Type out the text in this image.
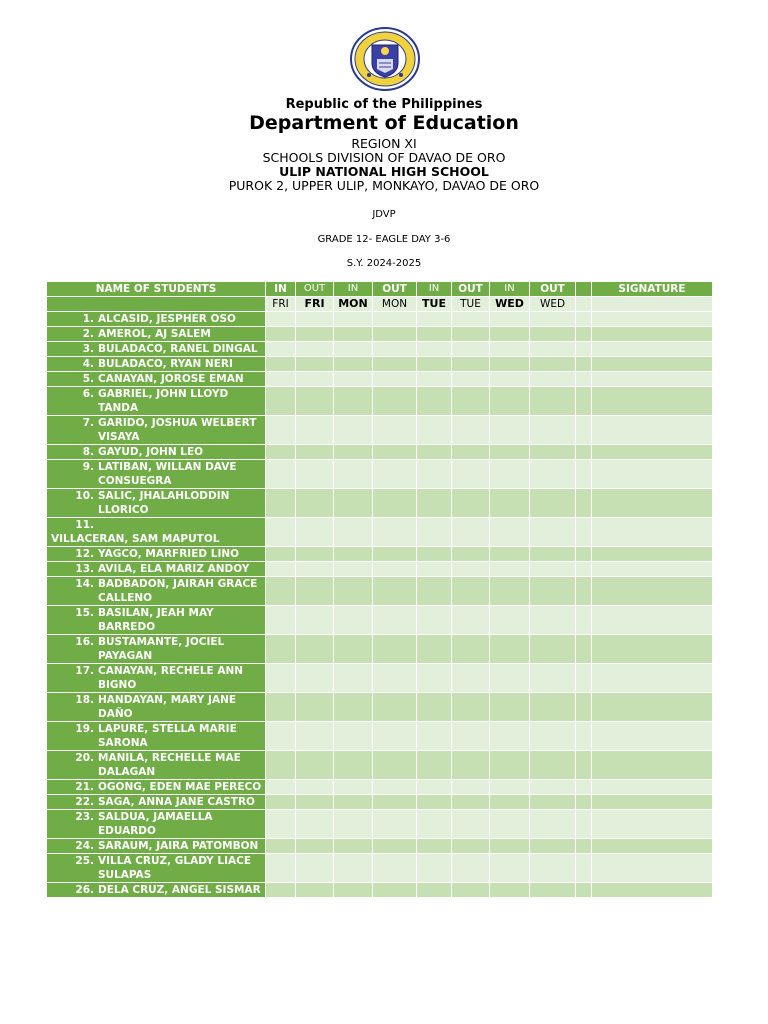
Republic of the Philippines
Department of Education
REGION XI
SCHOOLS DIVISION OF DAVAO DE ORO
ULIP NATIONAL HIGH SCHOOL
PUROK 2, UPPER ULIP, MONKAYO, DAVAO DE ORO
JDVP
GRADE 12- EAGLE DAY 3-6
S.Y. 2024-2025
NAME OF STUDENTS	IN	OUT	IN	OUT	IN	OUT	IN	OUT		SIGNATURE
	FRI	FRI	MON	MON	TUE	TUE	WED	WED		
1. ALCASID, JESPHER OSO										
2. AMEROL, AJ SALEM										
3. BULADACO, RANEL DINGAL										
4. BULADACO, RYAN NERI										
5. CANAYAN, JOROSE EMAN										
6. GABRIEL, JOHN LLOYD
TANDA										

7. GARIDO, JOSHUA WELBERT
VISAYA										

8. GAYUD, JOHN LEO										
9. LATIBAN, WILLAN DAVE
CONSUEGRA										

10. SALIC, JHALAHLODDIN
LLORICO										

11.VILLACERAN, SAM MAPUTOL										
12. YAGCO, MARFRIED LINO										
13. AVILA, ELA MARIZ ANDOY										
14. BADBADON, JAIRAH GRACE
CALLENO										

15. BASILAN, JEAH MAY
BARREDO										

16. BUSTAMANTE, JOCIEL
PAYAGAN										

17. CANAYAN, RECHELE ANN
BIGNO										

18. HANDAYAN, MARY JANE
DAÑO										

19. LAPURE, STELLA MARIE
SARONA										

20. MANILA, RECHELLE MAE
DALAGAN										

21. OGONG, EDEN MAE PERECO										
22. SAGA, ANNA JANE CASTRO										
23. SALDUA, JAMAELLA
EDUARDO										

24. SARAUM, JAIRA PATOMBON										
25. VILLA CRUZ, GLADY LIACE
SULAPAS										

26. DELA CRUZ, ANGEL SISMAR										
